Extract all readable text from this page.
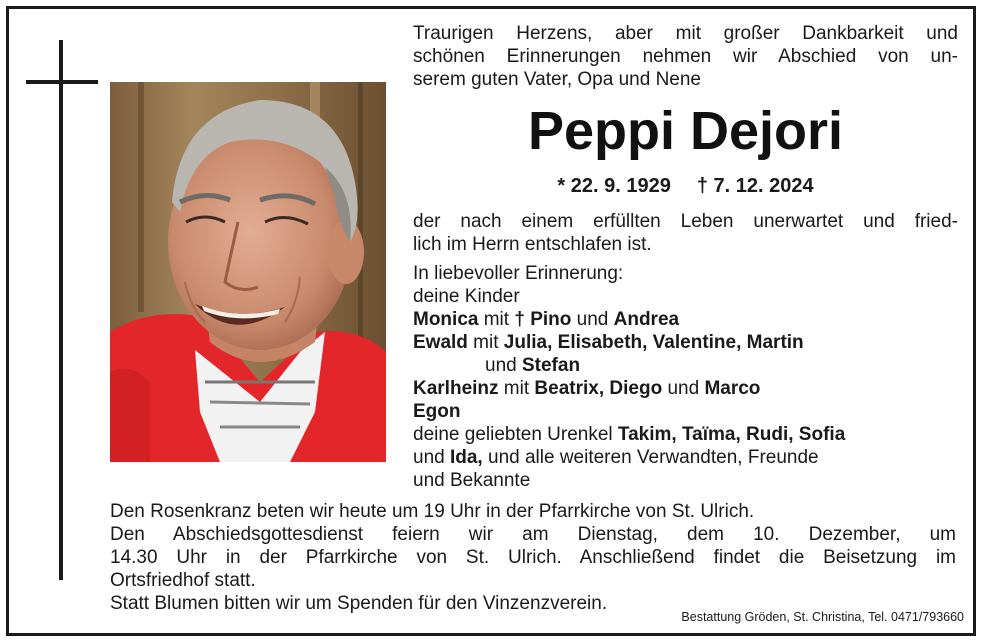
Traurigen Herzens, aber mit großer Dankbarkeit und
schönen Erinnerungen nehmen wir Abschied von un-
serem guten Vater, Opa und Nene

Peppi Dejori
* 22. 9. 1929 † 7. 12. 2024

der nach einem erfüllten Leben unerwartet und fried-
lich im Herrn entschlafen ist.

In liebevoller Erinnerung:
deine Kinder
Monica mit † Pino und Andrea
Ewald mit Julia, Elisabeth, Valentine, Martin
und Stefan
Karlheinz mit Beatrix, Diego und Marco
Egon
deine geliebten Urenkel Takim, Taïma, Rudi, Sofia
und Ida, und alle weiteren Verwandten, Freunde
und Bekannte
Den Rosenkranz beten wir heute um 19 Uhr in der Pfarrkirche von St. Ulrich.
Den Abschiedsgottesdienst feiern wir am Dienstag, dem 10. Dezember, um
14.30 Uhr in der Pfarrkirche von St. Ulrich. Anschließend findet die Beisetzung im
Ortsfriedhof statt.
Statt Blumen bitten wir um Spenden für den Vinzenzverein.
Bestattung Gröden, St. Christina, Tel. 0471/793660
